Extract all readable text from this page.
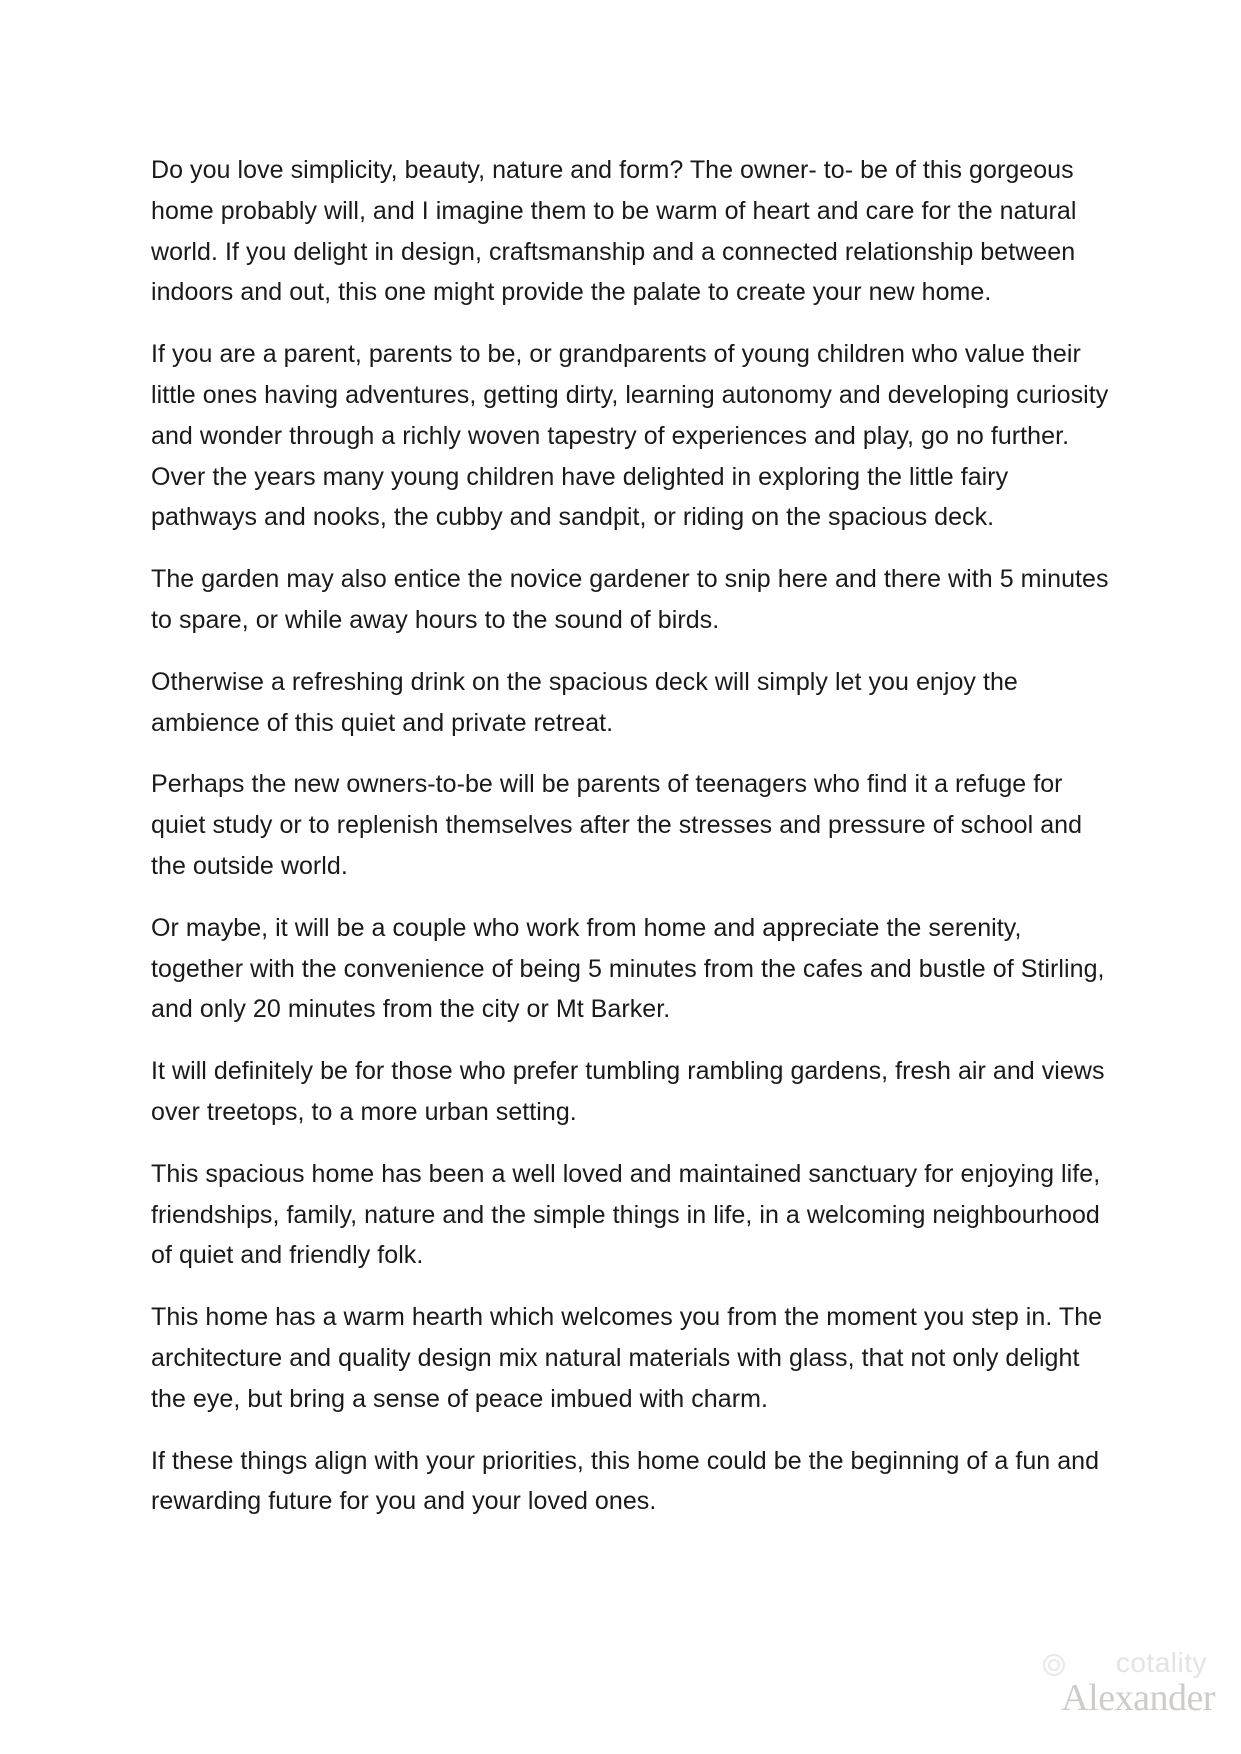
Do you love simplicity, beauty, nature and form? The owner- to- be of this gorgeous home probably will, and I imagine them to be warm of heart and care for the natural world. If you delight in design, craftsmanship and a connected relationship between indoors and out, this one might provide the palate to create your new home.

If you are a parent, parents to be, or grandparents of young children who value their little ones having adventures, getting dirty, learning autonomy and developing curiosity and wonder through a richly woven tapestry of experiences and play, go no further. Over the years many young children have delighted in exploring the little fairy pathways and nooks, the cubby and sandpit, or riding on the spacious deck.

The garden may also entice the novice gardener to snip here and there with 5 minutes to spare, or while away hours to the sound of birds.

Otherwise a refreshing drink on the spacious deck will simply let you enjoy the ambience of this quiet and private retreat.

Perhaps the new owners-to-be will be parents of teenagers who find it a refuge for quiet study or to replenish themselves after the stresses and pressure of school and the outside world.

Or maybe, it will be a couple who work from home and appreciate the serenity, together with the convenience of being 5 minutes from the cafes and bustle of Stirling, and only 20 minutes from the city or Mt Barker.

It will definitely be for those who prefer tumbling rambling gardens, fresh air and views over treetops, to a more urban setting.

This spacious home has been a well loved and maintained sanctuary for enjoying life, friendships, family, nature and the simple things in life, in a welcoming neighbourhood of quiet and friendly folk.

This home has a warm hearth which welcomes you from the moment you step in. The architecture and quality design mix natural materials with glass, that not only delight the eye, but bring a sense of peace imbued with charm.

If these things align with your priorities, this home could be the beginning of a fun and rewarding future for you and your loved ones.

cotality
Alexander
